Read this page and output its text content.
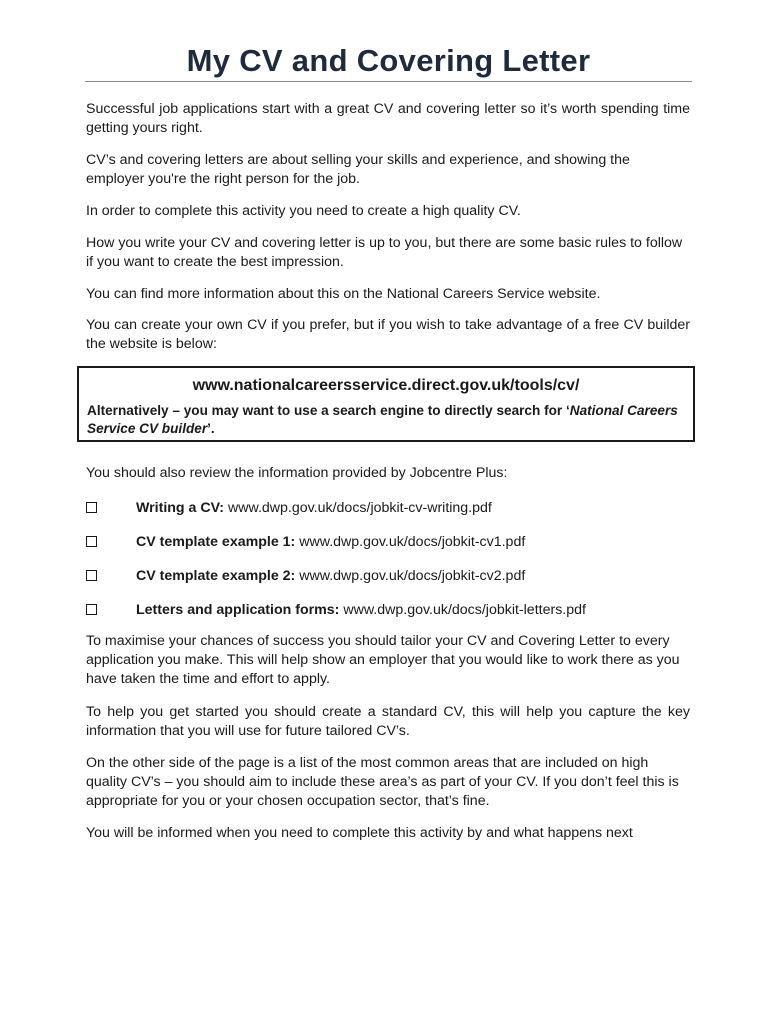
My CV and Covering Letter

Successful job applications start with a great CV and covering letter so it’s worth spending time getting yours right.

CV’s and covering letters are about selling your skills and experience, and showing the employer you're the right person for the job.

In order to complete this activity you need to create a high quality CV.

How you write your CV and covering letter is up to you, but there are some basic rules to follow if you want to create the best impression.

You can find more information about this on the National Careers Service website.

You can create your own CV if you prefer, but if you wish to take advantage of a free CV builder the website is below:

www.nationalcareersservice.direct.gov.uk/tools/cv/
Alternatively – you may want to use a search engine to directly search for ‘National Careers Service CV builder’.

You should also review the information provided by Jobcentre Plus:

Writing a CV: www.dwp.gov.uk/docs/jobkit-cv-writing.pdf
CV template example 1: www.dwp.gov.uk/docs/jobkit-cv1.pdf
CV template example 2: www.dwp.gov.uk/docs/jobkit-cv2.pdf
Letters and application forms: www.dwp.gov.uk/docs/jobkit-letters.pdf

To maximise your chances of success you should tailor your CV and Covering Letter to every application you make. This will help show an employer that you would like to work there as you have taken the time and effort to apply.

To help you get started you should create a standard CV, this will help you capture the key information that you will use for future tailored CV’s.

On the other side of the page is a list of the most common areas that are included on high quality CV’s – you should aim to include these area’s as part of your CV. If you don’t feel this is appropriate for you or your chosen occupation sector, that’s fine.

You will be informed when you need to complete this activity by and what happens next
